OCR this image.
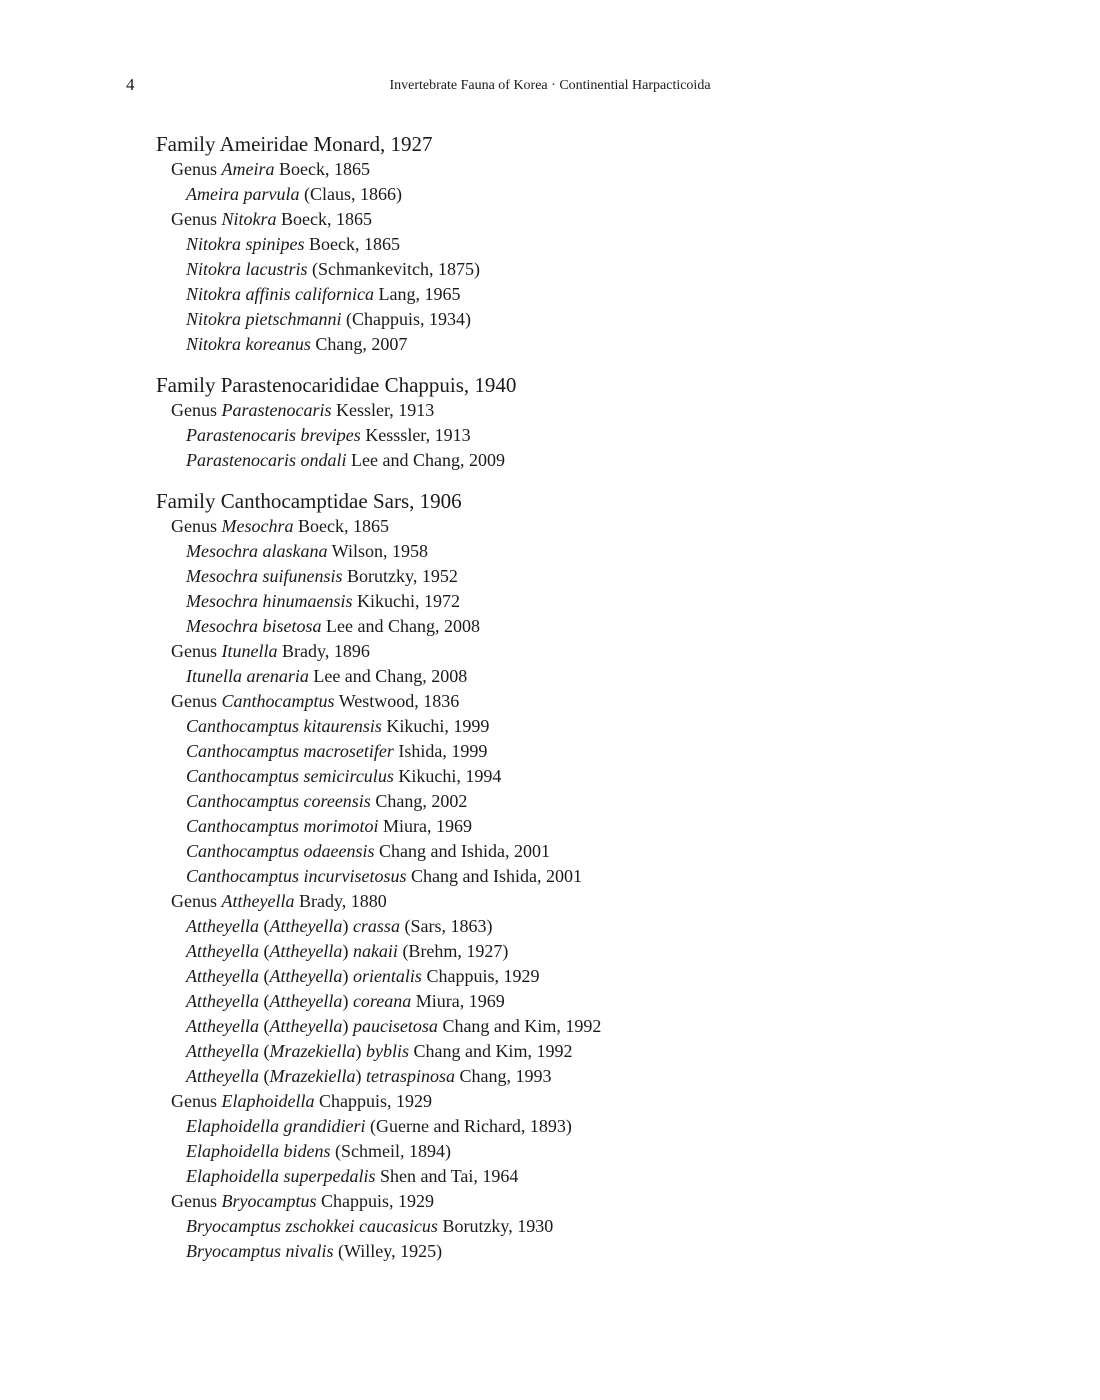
4	Invertebrate Fauna of Korea · Continential Harpacticoida
Family Ameiridae Monard, 1927
Genus Ameira Boeck, 1865
Ameira parvula (Claus, 1866)
Genus Nitokra Boeck, 1865
Nitokra spinipes Boeck, 1865
Nitokra lacustris (Schmankevitch, 1875)
Nitokra affinis californica Lang, 1965
Nitokra pietschmanni (Chappuis, 1934)
Nitokra koreanus Chang, 2007
Family Parastenocarididae Chappuis, 1940
Genus Parastenocaris Kessler, 1913
Parastenocaris brevipes Kesssler, 1913
Parastenocaris ondali Lee and Chang, 2009
Family Canthocamptidae Sars, 1906
Genus Mesochra Boeck, 1865
Mesochra alaskana Wilson, 1958
Mesochra suifunensis Borutzky, 1952
Mesochra hinumaensis Kikuchi, 1972
Mesochra bisetosa Lee and Chang, 2008
Genus Itunella Brady, 1896
Itunella arenaria Lee and Chang, 2008
Genus Canthocamptus Westwood, 1836
Canthocamptus kitaurensis Kikuchi, 1999
Canthocamptus macrosetifer Ishida, 1999
Canthocamptus semicirculus Kikuchi, 1994
Canthocamptus coreensis Chang, 2002
Canthocamptus morimotoi Miura, 1969
Canthocamptus odaeensis Chang and Ishida, 2001
Canthocamptus incurvisetosus Chang and Ishida, 2001
Genus Attheyella Brady, 1880
Attheyella (Attheyella) crassa (Sars, 1863)
Attheyella (Attheyella) nakaii (Brehm, 1927)
Attheyella (Attheyella) orientalis Chappuis, 1929
Attheyella (Attheyella) coreana Miura, 1969
Attheyella (Attheyella) paucisetosa Chang and Kim, 1992
Attheyella (Mrazekiella) byblis Chang and Kim, 1992
Attheyella (Mrazekiella) tetraspinosa Chang, 1993
Genus Elaphoidella Chappuis, 1929
Elaphoidella grandidieri (Guerne and Richard, 1893)
Elaphoidella bidens (Schmeil, 1894)
Elaphoidella superpedalis Shen and Tai, 1964
Genus Bryocamptus Chappuis, 1929
Bryocamptus zschokkei caucasicus Borutzky, 1930
Bryocamptus nivalis (Willey, 1925)
